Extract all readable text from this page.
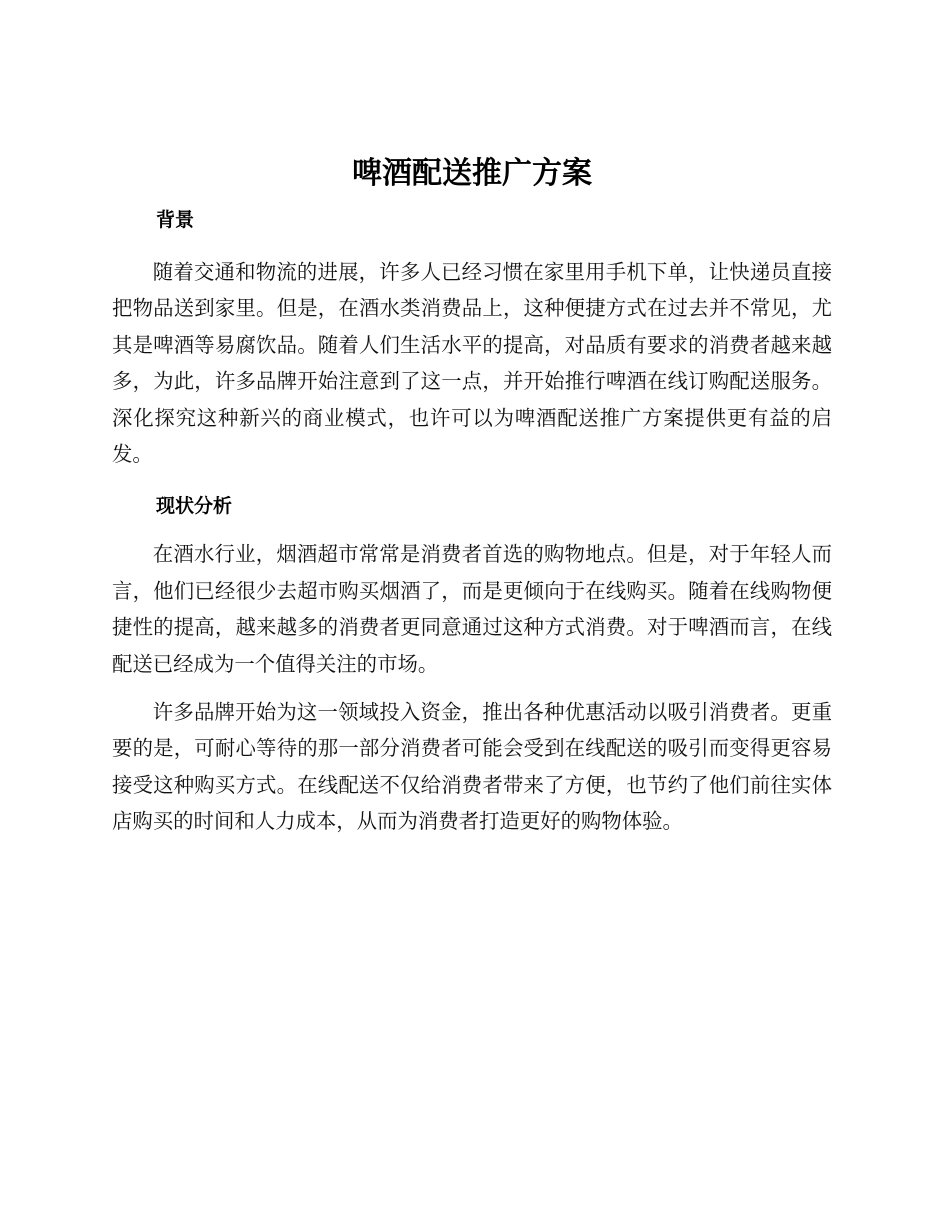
啤酒配送推广方案
背景

随着交通和物流的进展，许多人已经习惯在家里用手机下单，让快递员直接把物品送到家里。但是，在酒水类消费品上，这种便捷方式在过去并不常见，尤其是啤酒等易腐饮品。随着人们生活水平的提高，对品质有要求的消费者越来越多，为此，许多品牌开始注意到了这一点，并开始推行啤酒在线订购配送服务。深化探究这种新兴的商业模式，也许可以为啤酒配送推广方案提供更有益的启发。

现状分析

在酒水行业，烟酒超市常常是消费者首选的购物地点。但是，对于年轻人而言，他们已经很少去超市购买烟酒了，而是更倾向于在线购买。随着在线购物便捷性的提高，越来越多的消费者更同意通过这种方式消费。对于啤酒而言，在线配送已经成为一个值得关注的市场。

许多品牌开始为这一领域投入资金，推出各种优惠活动以吸引消费者。更重要的是，可耐心等待的那一部分消费者可能会受到在线配送的吸引而变得更容易接受这种购买方式。在线配送不仅给消费者带来了方便，也节约了他们前往实体店购买的时间和人力成本，从而为消费者打造更好的购物体验。
